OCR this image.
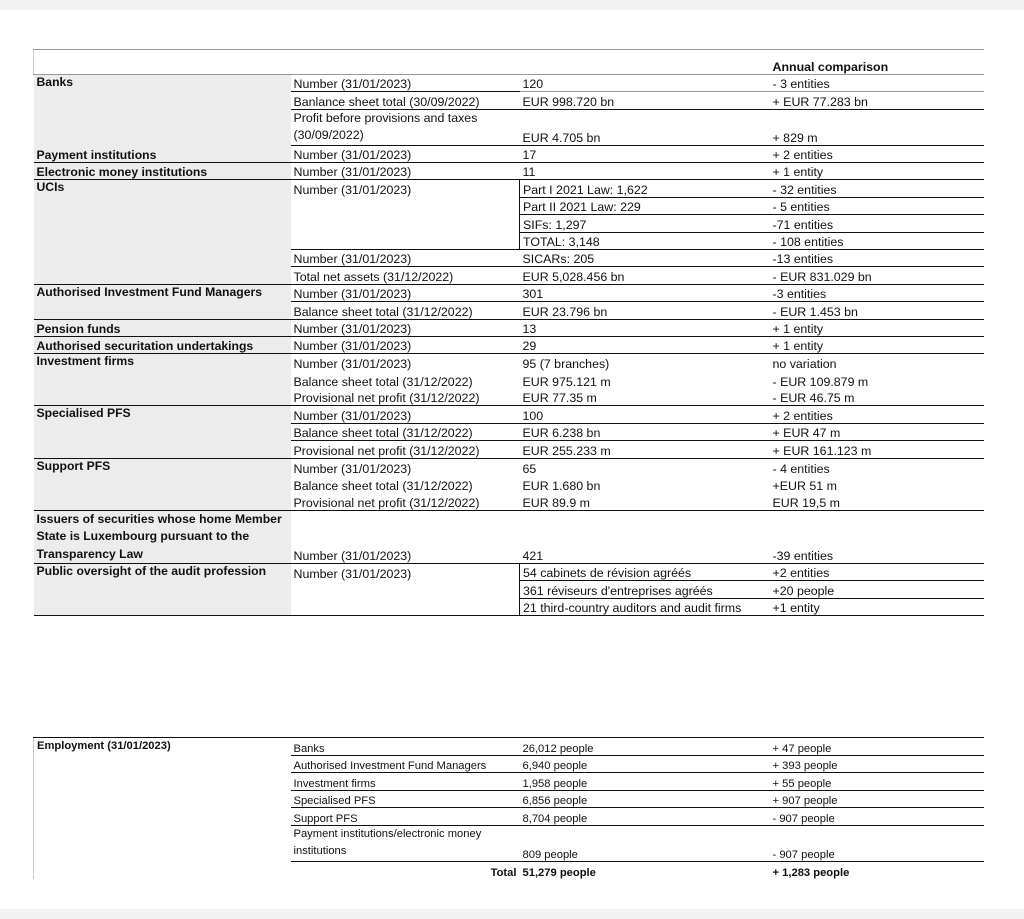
			Annual comparison
Banks	Number (31/01/2023)	120	- 3 entities
	Banlance sheet total (30/09/2022)	EUR 998.720 bn	+ EUR 77.283 bn
	Profit before provisions and taxes (30/09/2022)	EUR 4.705 bn	+ 829 m
Payment institutions	Number (31/01/2023)	17	+ 2 entities
Electronic money institutions	Number (31/01/2023)	11	+ 1 entity
UCIs	Number (31/01/2023)	Part I 2021 Law: 1,622	- 32 entities
		Part II 2021 Law: 229	- 5 entities
		SIFs: 1,297	-71 entities
		TOTAL: 3,148	- 108 entities
	Number (31/01/2023)	SICARs: 205	-13 entities
	Total net assets (31/12/2022)	EUR 5,028.456 bn	- EUR 831.029 bn
Authorised Investment Fund Managers	Number (31/01/2023)	301	-3 entities
	Balance sheet total (31/12/2022)	EUR 23.796 bn	- EUR 1.453 bn
Pension funds	Number (31/01/2023)	13	+ 1 entity
Authorised securitation undertakings	Number (31/01/2023)	29	+ 1 entity
Investment firms	Number (31/01/2023)	95 (7 branches)	no variation
	Balance sheet total (31/12/2022)	EUR 975.121 m	- EUR 109.879 m
	Provisional net profit (31/12/2022)	EUR 77.35 m	- EUR 46.75 m
Specialised PFS	Number (31/01/2023)	100	+ 2 entities
	Balance sheet total (31/12/2022)	EUR 6.238 bn	+ EUR 47 m
	Provisional net profit (31/12/2022)	EUR 255.233 m	+ EUR 161.123 m
Support PFS	Number (31/01/2023)	65	- 4 entities
	Balance sheet total (31/12/2022)	EUR 1.680 bn	+EUR 51 m
	Provisional net profit (31/12/2022)	EUR 89.9 m	EUR 19,5 m
Issuers of securities whose home Member State is Luxembourg pursuant to the Transparency Law	Number (31/01/2023)	421	-39 entities
Public oversight of the audit profession	Number (31/01/2023)	54 cabinets de révision agréés	+2 entities
		361 réviseurs d'entreprises agréés	+20 people
		21 third-country auditors and audit firms	+1 entity
Employment (31/01/2023)	Banks	26,012 people	+ 47 people
	Authorised Investment Fund Managers	6,940 people	+ 393 people
	Investment firms	1,958 people	+ 55 people
	Specialised PFS	6,856 people	+ 907 people
	Support PFS	8,704 people	- 907 people
	Payment institutions/electronic money institutions	809 people	- 907 people
	Total	51,279 people	+ 1,283 people
